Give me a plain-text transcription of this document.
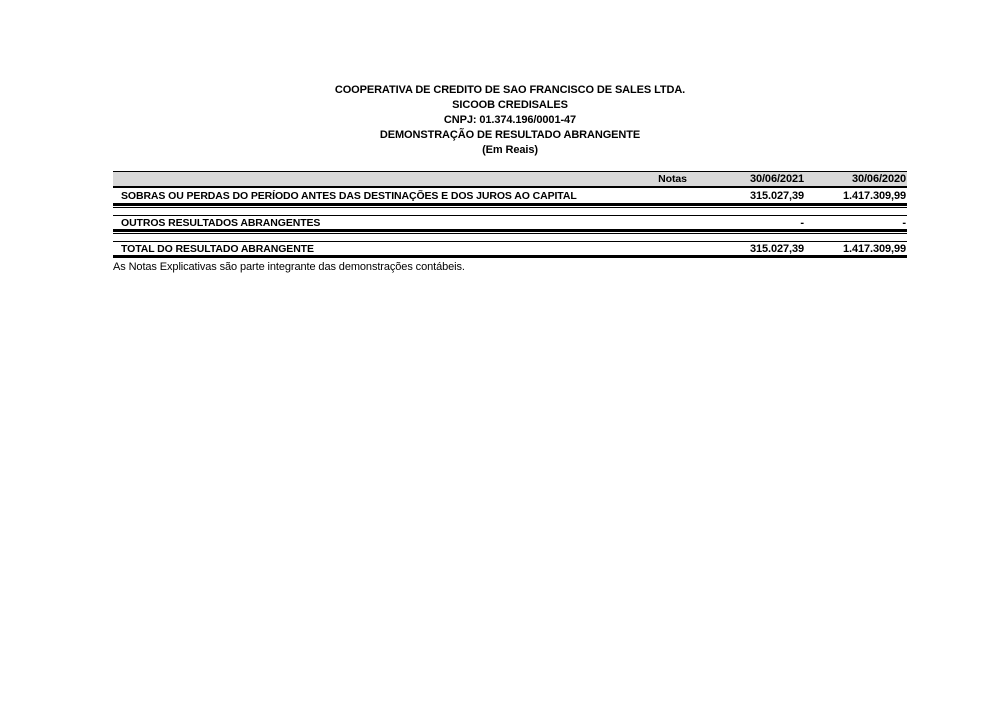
COOPERATIVA DE CREDITO DE SAO FRANCISCO DE SALES LTDA.
SICOOB CREDISALES
CNPJ: 01.374.196/0001-47
DEMONSTRAÇÃO DE RESULTADO ABRANGENTE
(Em Reais)
Notas	30/06/2021	30/06/2020
SOBRAS OU PERDAS DO PERÍODO ANTES DAS DESTINAÇÕES E DOS JUROS AO CAPITAL	315.027,39	1.417.309,99
OUTROS RESULTADOS ABRANGENTES	-	-
TOTAL DO RESULTADO ABRANGENTE	315.027,39	1.417.309,99
As Notas Explicativas são parte integrante das demonstrações contábeis.
